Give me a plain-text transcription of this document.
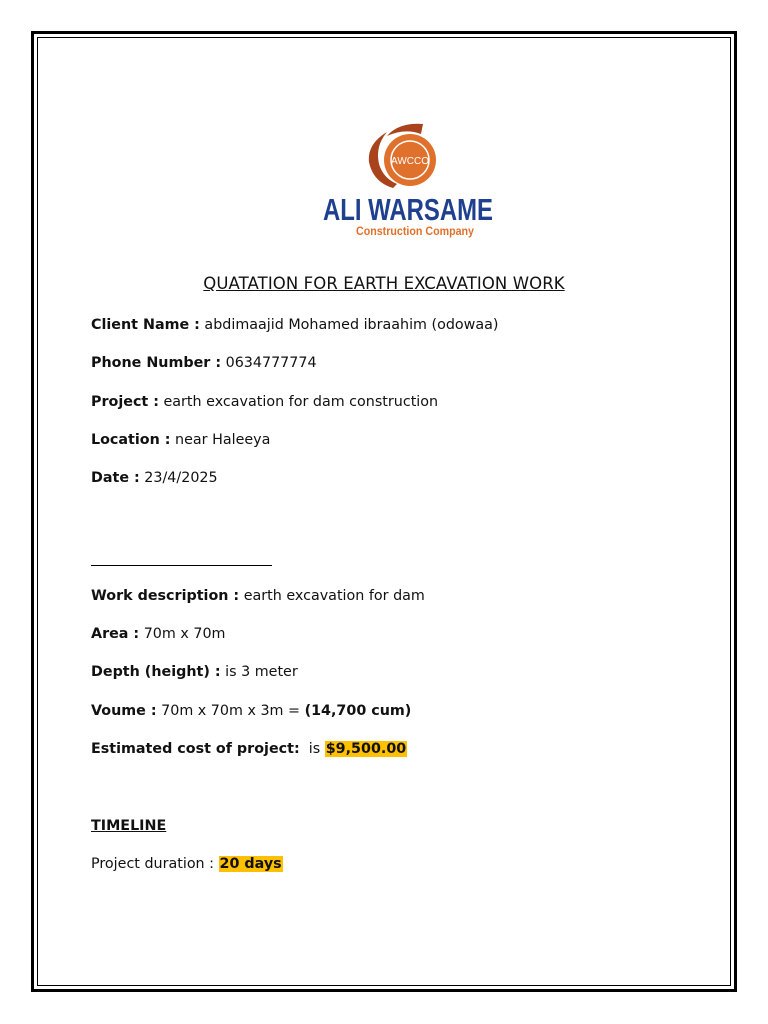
AWCCO
ALI WARSAME
Construction Company
QUATATION FOR EARTH EXCAVATION WORK
Client Name : abdimaajid Mohamed ibraahim (odowaa)
Phone Number : 0634777774
Project : earth excavation for dam construction
Location : near Haleeya
Date : 23/4/2025
Work description : earth excavation for dam
Area : 70m x 70m
Depth (height) : is 3 meter
Voume : 70m x 70m x 3m = (14,700 cum)
Estimated cost of project:  is $9,500.00
TIMELINE
Project duration : 20 days
